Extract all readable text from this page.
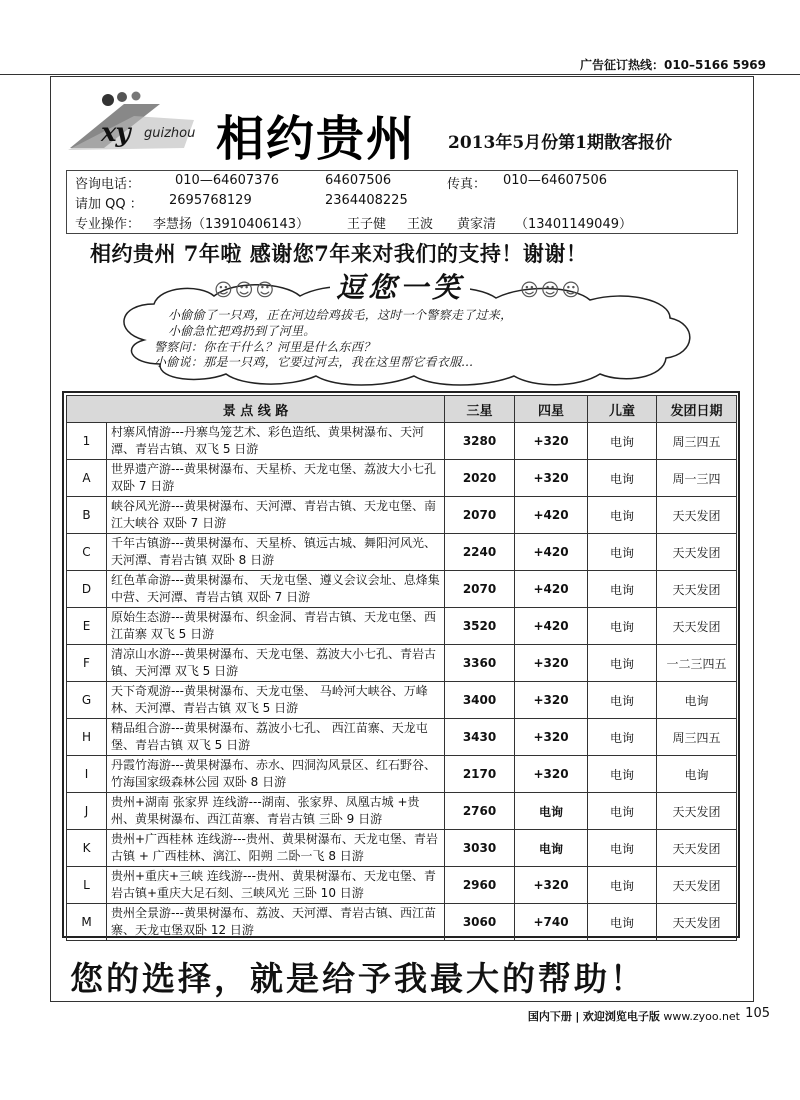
广告征订热线：010–5166 5969
xy guizhou 相约贵州 2013年5月份第1期散客报价
咨询电话：	010—64607376	64607506	传真： 010—64607506
请加 QQ ： 2695768129	2364408225
专业操作： 李慧扬（13910406143）	王子健 王波 黄家清 （13401149049）
相约贵州 7年啦 感谢您7年来对我们的支持！谢谢！
☺☺☺	☺☺☺
逗您一笑
小偷偷了一只鸡，正在河边给鸡拔毛，这时一个警察走了过来，
小偷急忙把鸡扔到了河里。
警察问：你在干什么？河里是什么东西？
小偷说：那是一只鸡，它要过河去，我在这里帮它看衣服…
景 点 线 路		三星	四星	儿童	发团日期
1	村寨风情游---丹寨鸟笼艺术、彩色造纸、黄果树瀑布、天河潭、青岩古镇、双飞 5 日游	3280	+320	电询	周三四五
A	世界遗产游---黄果树瀑布、天星桥、天龙屯堡、荔波大小七孔 双卧 7 日游	2020	+320	电询	周一三四
B	峡谷风光游---黄果树瀑布、天河潭、青岩古镇、天龙屯堡、南江大峡谷 双卧 7 日游	2070	+420	电询	天天发团
C	千年古镇游---黄果树瀑布、天星桥、镇远古城、舞阳河风光、天河潭、青岩古镇 双卧 8 日游	2240	+420	电询	天天发团
D	红色革命游---黄果树瀑布、 天龙屯堡、遵义会议会址、息烽集中营、天河潭、青岩古镇 双卧 7 日游	2070	+420	电询	天天发团
E	原始生态游---黄果树瀑布、织金洞、青岩古镇、天龙屯堡、西江苗寨 双飞 5 日游	3520	+420	电询	天天发团
F	清凉山水游---黄果树瀑布、天龙屯堡、荔波大小七孔、青岩古镇、天河潭 双飞 5 日游	3360	+320	电询	一二三四五
G	天下奇观游---黄果树瀑布、天龙屯堡、 马岭河大峡谷、万峰林、天河潭、青岩古镇 双飞 5 日游	3400	+320	电询	电询
H	精品组合游---黄果树瀑布、荔波小七孔、 西江苗寨、天龙屯堡、青岩古镇 双飞 5 日游	3430	+320	电询	周三四五
I	丹霞竹海游---黄果树瀑布、赤水、四洞沟风景区、红石野谷、竹海国家级森林公园 双卧 8 日游	2170	+320	电询	电询
J	贵州+湖南 张家界 连线游---湖南、张家界、凤凰古城 +贵州、黄果树瀑布、西江苗寨、青岩古镇 三卧 9 日游	2760	电询	电询	天天发团
K	贵州+广西桂林 连线游---贵州、黄果树瀑布、天龙屯堡、青岩古镇 + 广西桂林、漓江、阳朔 二卧一飞 8 日游	3030	电询	电询	天天发团
L	贵州+重庆+三峡 连线游---贵州、黄果树瀑布、天龙屯堡、青岩古镇+重庆大足石刻、三峡风光 三卧 10 日游	2960	+320	电询	天天发团
M	贵州全景游---黄果树瀑布、荔波、天河潭、青岩古镇、西江苗寨、天龙屯堡双卧 12 日游	3060	+740	电询	天天发团
您的选择，就是给予我最大的帮助！
国内下册 | 欢迎浏览电子版 www.zyoo.net 105
